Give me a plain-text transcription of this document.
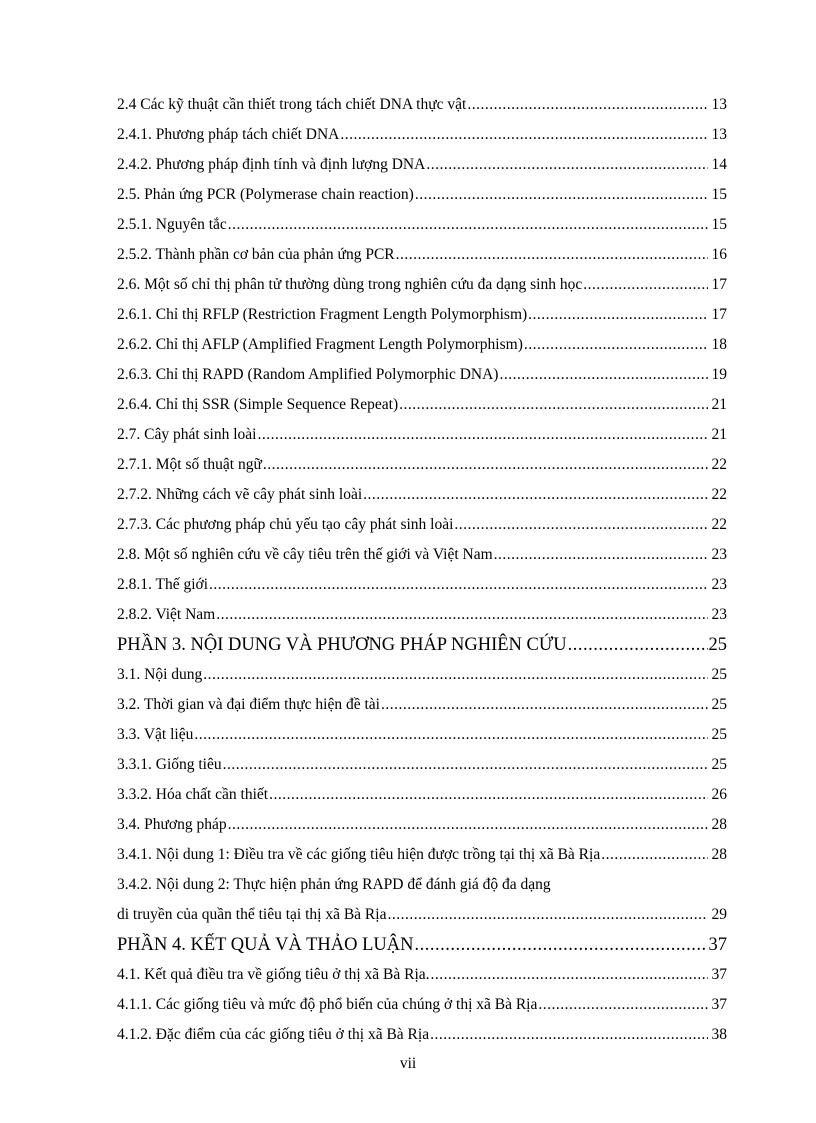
2.4 Các kỹ thuật cần thiết trong tách chiết DNA thực vật .....	13
2.4.1. Phương pháp tách chiết DNA .....	13
2.4.2. Phương pháp định tính và định lượng DNA .....	14
2.5. Phản ứng PCR (Polymerase chain reaction) .....	15
2.5.1. Nguyên tắc .....	15
2.5.2. Thành phần cơ bản của phản ứng PCR .....	16
2.6. Một số chỉ thị phân tử thường dùng trong nghiên cứu đa dạng sinh học .....	17
2.6.1. Chỉ thị RFLP (Restriction Fragment Length Polymorphism) .....	17
2.6.2. Chỉ thị AFLP (Amplified Fragment Length Polymorphism) .....	18
2.6.3. Chỉ thị RAPD (Random Amplified Polymorphic DNA) .....	19
2.6.4. Chỉ thị SSR (Simple Sequence Repeat) .....	21
2.7. Cây phát sinh loài .....	21
2.7.1. Một số thuật ngữ .....	22
2.7.2. Những cách vẽ cây phát sinh loài .....	22
2.7.3. Các phương pháp chủ yếu tạo cây phát sinh loài .....	22
2.8. Một số nghiên cứu về cây tiêu trên thế giới và Việt Nam .....	23
2.8.1. Thế giới .....	23
2.8.2. Việt Nam .....	23
PHẦN 3. NỘI DUNG VÀ PHƯƠNG PHÁP NGHIÊN CỨU .....	25
3.1. Nội dung .....	25
3.2. Thời gian và đại điểm thực hiện đề tài .....	25
3.3. Vật liệu .....	25
3.3.1. Giống tiêu .....	25
3.3.2. Hóa chất cần thiết .....	26
3.4. Phương pháp .....	28
3.4.1. Nội dung 1: Điều tra về các giống tiêu hiện được trồng tại thị xã Bà Rịa .....	28
3.4.2. Nội dung 2: Thực hiện phản ứng RAPD để đánh giá độ đa dạng
di truyền của quần thể tiêu tại thị xã Bà Rịa .....	29
PHẦN 4. KẾT QUẢ VÀ THẢO LUẬN .....	37
4.1. Kết quả điều tra về giống tiêu ở thị xã Bà Rịa. .....	37
4.1.1. Các giống tiêu và mức độ phổ biến của chúng ở thị xã Bà Rịa .....	37
4.1.2. Đặc điểm của các giống tiêu ở thị xã Bà Rịa .....	38
vii
